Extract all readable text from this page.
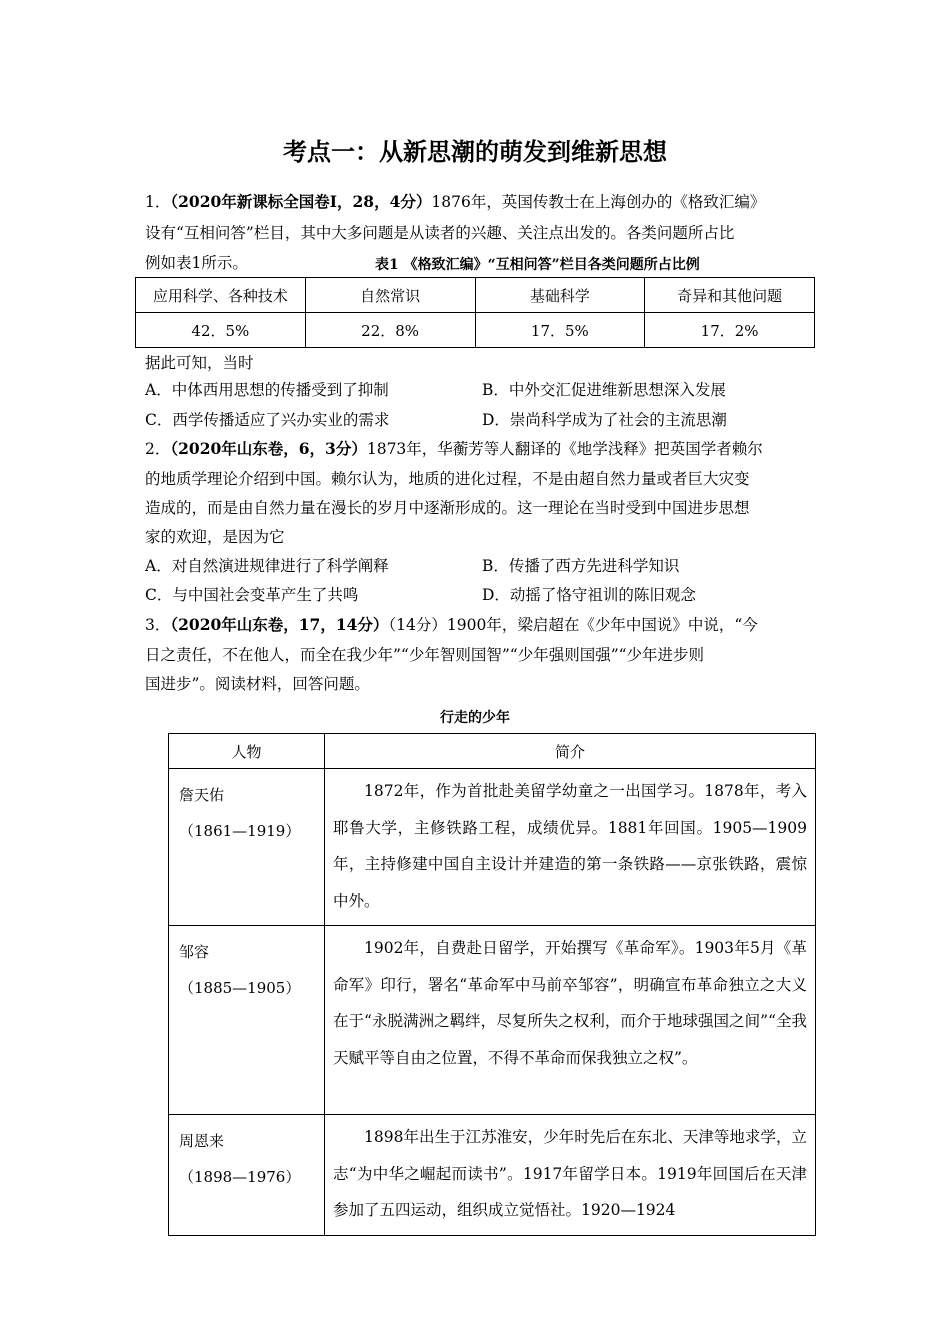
考点一：从新思潮的萌发到维新思想
1．（2020年新课标全国卷Ⅰ，28，4分）1876年，英国传教士在上海创办的《格致汇编》
设有“互相问答”栏目，其中大多问题是从读者的兴趣、关注点出发的。各类问题所占比
例如表1所示。	表1 《格致汇编》“互相问答”栏目各类问题所占比例
应用科学、各种技术	自然常识	基础科学	奇异和其他问题
42．5%	22．8%	17．5%	17．2%
据此可知，当时
A．中体西用思想的传播受到了抑制	B．中外交汇促进维新思想深入发展
C．西学传播适应了兴办实业的需求	D．崇尚科学成为了社会的主流思潮
2．（2020年山东卷，6，3分）1873年，华蘅芳等人翻译的《地学浅释》把英国学者赖尔
的地质学理论介绍到中国。赖尔认为，地质的进化过程，不是由超自然力量或者巨大灾变
造成的，而是由自然力量在漫长的岁月中逐渐形成的。这一理论在当时受到中国进步思想
家的欢迎，是因为它
A．对自然演进规律进行了科学阐释	B．传播了西方先进科学知识
C．与中国社会变革产生了共鸣	D．动摇了恪守祖训的陈旧观念
3．（2020年山东卷，17，14分）（14分）1900年，梁启超在《少年中国说》中说，“今
日之责任，不在他人，而全在我少年”“少年智则国智”“少年强则国强”“少年进步则
国进步”。阅读材料，回答问题。
行走的少年
人物	简介

詹天佑
（1861—1919）	1872年，作为首批赴美留学幼童之一出国学习。1878年，考入耶鲁大学，主修铁路工程，成绩优异。1881年回国。1905—1909年，主持修建中国自主设计并建造的第一条铁路——京张铁路，震惊中外。

邹容
（1885—1905）	1902年，自费赴日留学，开始撰写《革命军》。1903年5月《革命军》印行，署名“革命军中马前卒邹容”，明确宣布革命独立之大义在于“永脱满洲之羁绊，尽复所失之权利，而介于地球强国之间”“全我天赋平等自由之位置，不得不革命而保我独立之权”。

周恩来
（1898—1976）	1898年出生于江苏淮安，少年时先后在东北、天津等地求学，立志“为中华之崛起而读书”。1917年留学日本。1919年回国后在天津参加了五四运动，组织成立觉悟社。1920—1924
